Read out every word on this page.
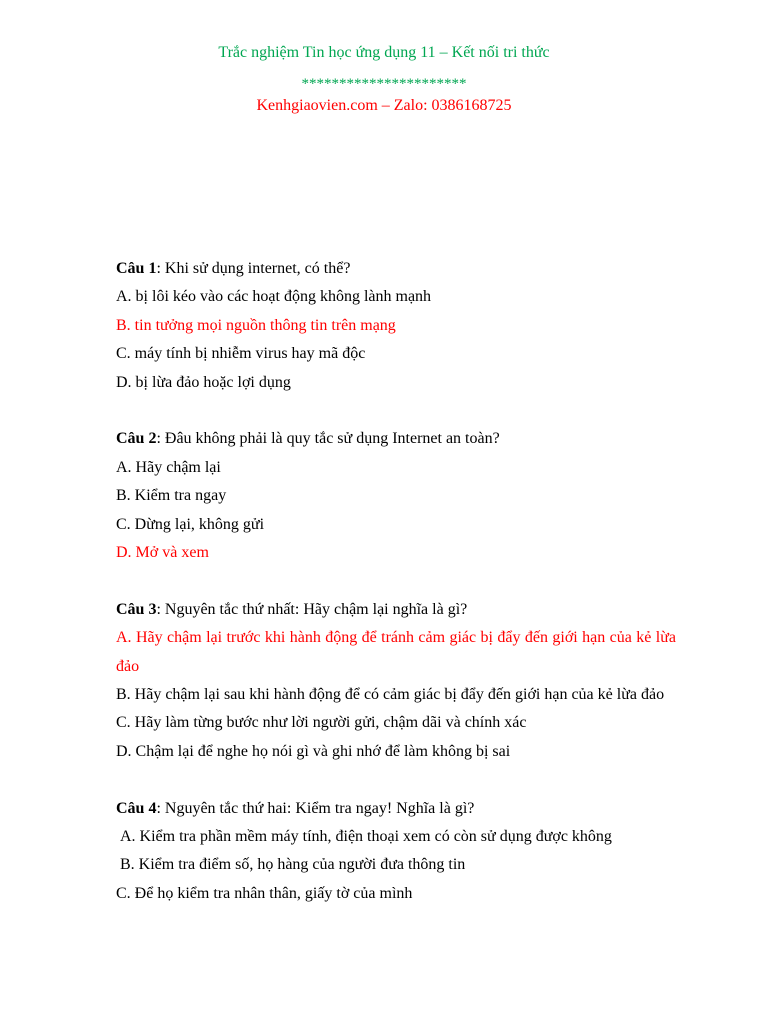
Trắc nghiệm Tin học ứng dụng 11 – Kết nối tri thức
**********************
Kenhgiaovien.com – Zalo: 0386168725

Câu 1: Khi sử dụng internet, có thể?

A. bị lôi kéo vào các hoạt động không lành mạnh

B. tin tưởng mọi nguồn thông tin trên mạng

C. máy tính bị nhiễm virus hay mã độc

D. bị lừa đảo hoặc lợi dụng

Câu 2: Đâu không phải là quy tắc sử dụng Internet an toàn?

A. Hãy chậm lại

B. Kiểm tra ngay

C. Dừng lại, không gửi

D. Mở và xem

Câu 3: Nguyên tắc thứ nhất: Hãy chậm lại nghĩa là gì?

A. Hãy chậm lại trước khi hành động để tránh cảm giác bị đẩy đến giới hạn của kẻ lừa đảo

B. Hãy chậm lại sau khi hành động để có cảm giác bị đẩy đến giới hạn của kẻ lừa đảo

C. Hãy làm từng bước như lời người gửi, chậm dãi và chính xác

D. Chậm lại để nghe họ nói gì và ghi nhớ để làm không bị sai

Câu 4: Nguyên tắc thứ hai: Kiểm tra ngay! Nghĩa là gì?

A. Kiểm tra phần mềm máy tính, điện thoại xem có còn sử dụng được không

B. Kiểm tra điểm số, họ hàng của người đưa thông tin

C. Để họ kiểm tra nhân thân, giấy tờ của mình
